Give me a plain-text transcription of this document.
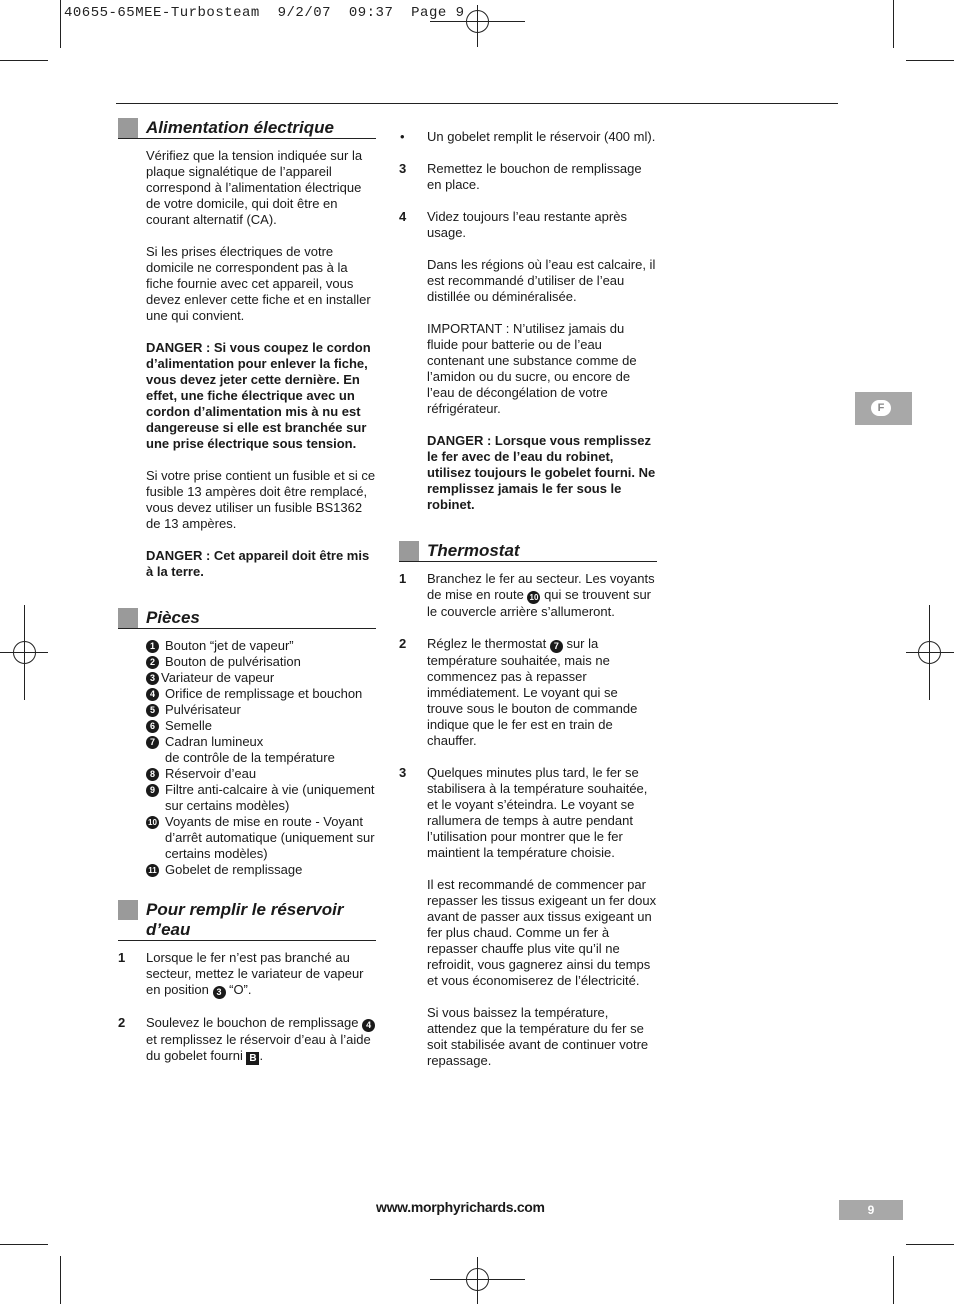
40655-65MEE-Turbosteam  9/2/07  09:37  Page 9
Alimentation électrique

Vérifiez que la tension indiquée sur la plaque signalétique de l’appareil correspond à l’alimentation électrique de votre domicile, qui doit être en courant alternatif (CA).

Si les prises électriques de votre domicile ne correspondent pas à la fiche fournie avec cet appareil, vous devez enlever cette fiche et en installer une qui convient.

DANGER : Si vous coupez le cordon d’alimentation pour enlever la fiche, vous devez jeter cette dernière. En effet, une fiche électrique avec un cordon d’alimentation mis à nu est dangereuse si elle est branchée sur une prise électrique sous tension.

Si votre prise contient un fusible et si ce fusible 13 ampères doit être remplacé, vous devez utiliser un fusible BS1362 de 13 ampères.

DANGER : Cet appareil doit être mis à la terre.

Pièces
1 Bouton “jet de vapeur”
2 Bouton de pulvérisation
3 Variateur de vapeur
4 Orifice de remplissage et bouchon
5 Pulvérisateur
6 Semelle
7 Cadran lumineux
de contrôle de la température
8 Réservoir d’eau
9 Filtre anti-calcaire à vie (uniquement sur certains modèles)
10 Voyants de mise en route - Voyant d’arrêt automatique (uniquement sur certains modèles)
11 Gobelet de remplissage
Pour remplir le réservoir d’eau
1	Lorsque le fer n’est pas branché au secteur, mettez le variateur de vapeur en position 3 “O”.
2	Soulevez le bouchon de remplissage 4 et remplissez le réservoir d’eau à l’aide du gobelet fourni B .
•	Un gobelet remplit le réservoir (400 ml).
3	Remettez le bouchon de remplissage en place.
4	Videz toujours l’eau restante après usage.

Dans les régions où l’eau est calcaire, il est recommandé d’utiliser de l’eau distillée ou déminéralisée.

IMPORTANT : N’utilisez jamais du fluide pour batterie ou de l’eau contenant une substance comme de l’amidon ou du sucre, ou encore de l’eau de décongélation de votre réfrigérateur.

DANGER : Lorsque vous remplissez le fer avec de l’eau du robinet, utilisez toujours le gobelet fourni. Ne remplissez jamais le fer sous le robinet.

Thermostat
1	Branchez le fer au secteur. Les voyants de mise en route 10 qui se trouvent sur le couvercle arrière s’allumeront.
2	Réglez le thermostat 7 sur la température souhaitée, mais ne commencez pas à repasser immédiatement. Le voyant qui se trouve sous le bouton de commande indique que le fer est en train de chauffer.
3	Quelques minutes plus tard, le fer se stabilisera à la température souhaitée, et le voyant s’éteindra. Le voyant se rallumera de temps à autre pendant l’utilisation pour montrer que le fer maintient la température choisie.

Il est recommandé de commencer par repasser les tissus exigeant un fer doux avant de passer aux tissus exigeant un fer plus chaud. Comme un fer à repasser chauffe plus vite qu’il ne refroidit, vous gagnerez ainsi du temps et vous économiserez de l’électricité.

Si vous baissez la température, attendez que la température du fer se soit stabilisée avant de continuer votre repassage.

F
www.morphyrichards.com	9
